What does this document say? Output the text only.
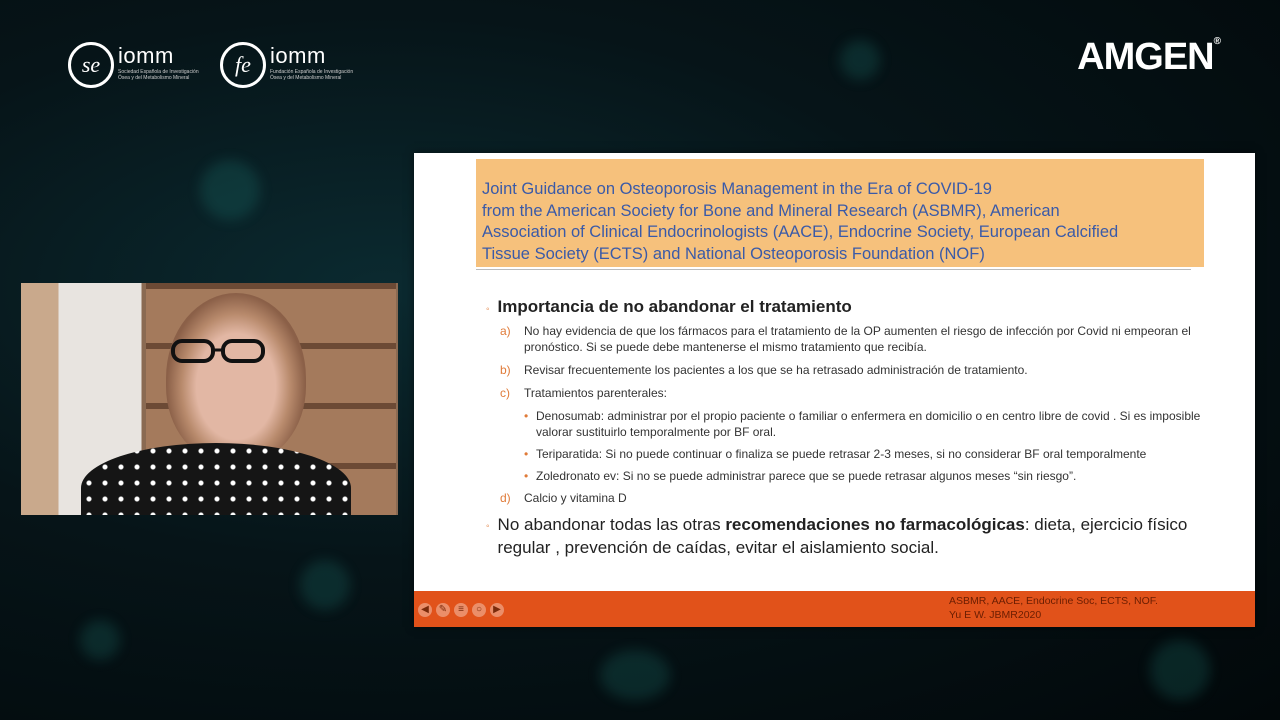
se iomm
Sociedad Española de Investigación Ósea y del Metabolismo Mineral
fe iomm
Fundación Española de Investigación Ósea y del Metabolismo Mineral	AMGEN®
Joint Guidance on Osteoporosis Management in the Era of COVID-19
from the American Society for Bone and Mineral Research (ASBMR), American
Association of Clinical Endocrinologists (AACE), Endocrine Society, European Calcified
Tissue Society (ECTS) and National Osteoporosis Foundation (NOF)
◦ Importancia de no abandonar el tratamiento
a)	No hay evidencia de que los fármacos para el tratamiento de la OP aumenten el riesgo de infección por Covid ni empeoran el pronóstico. Si se puede debe mantenerse el mismo tratamiento que recibía.
b)	Revisar frecuentemente los pacientes a los que se ha retrasado administración de tratamiento.
c)	Tratamientos parenterales:
• Denosumab: administrar por el propio paciente o familiar o enfermera en domicilio o en centro libre de covid . Si es imposible valorar sustituirlo temporalmente por BF oral.
• Teriparatida: Si no puede continuar o finaliza se puede retrasar 2-3 meses, si no considerar BF oral temporalmente
• Zoledronato ev: Si no se puede administrar parece que se puede retrasar algunos meses “sin riesgo”.
d)	Calcio y vitamina D
◦ No abandonar todas las otras recomendaciones no farmacológicas: dieta, ejercicio físico regular , prevención de caídas, evitar el aislamiento social.
◀ ✎	≡	○	▶
ASBMR, AACE, Endocrine Soc, ECTS, NOF.
Yu E W. JBMR2020
